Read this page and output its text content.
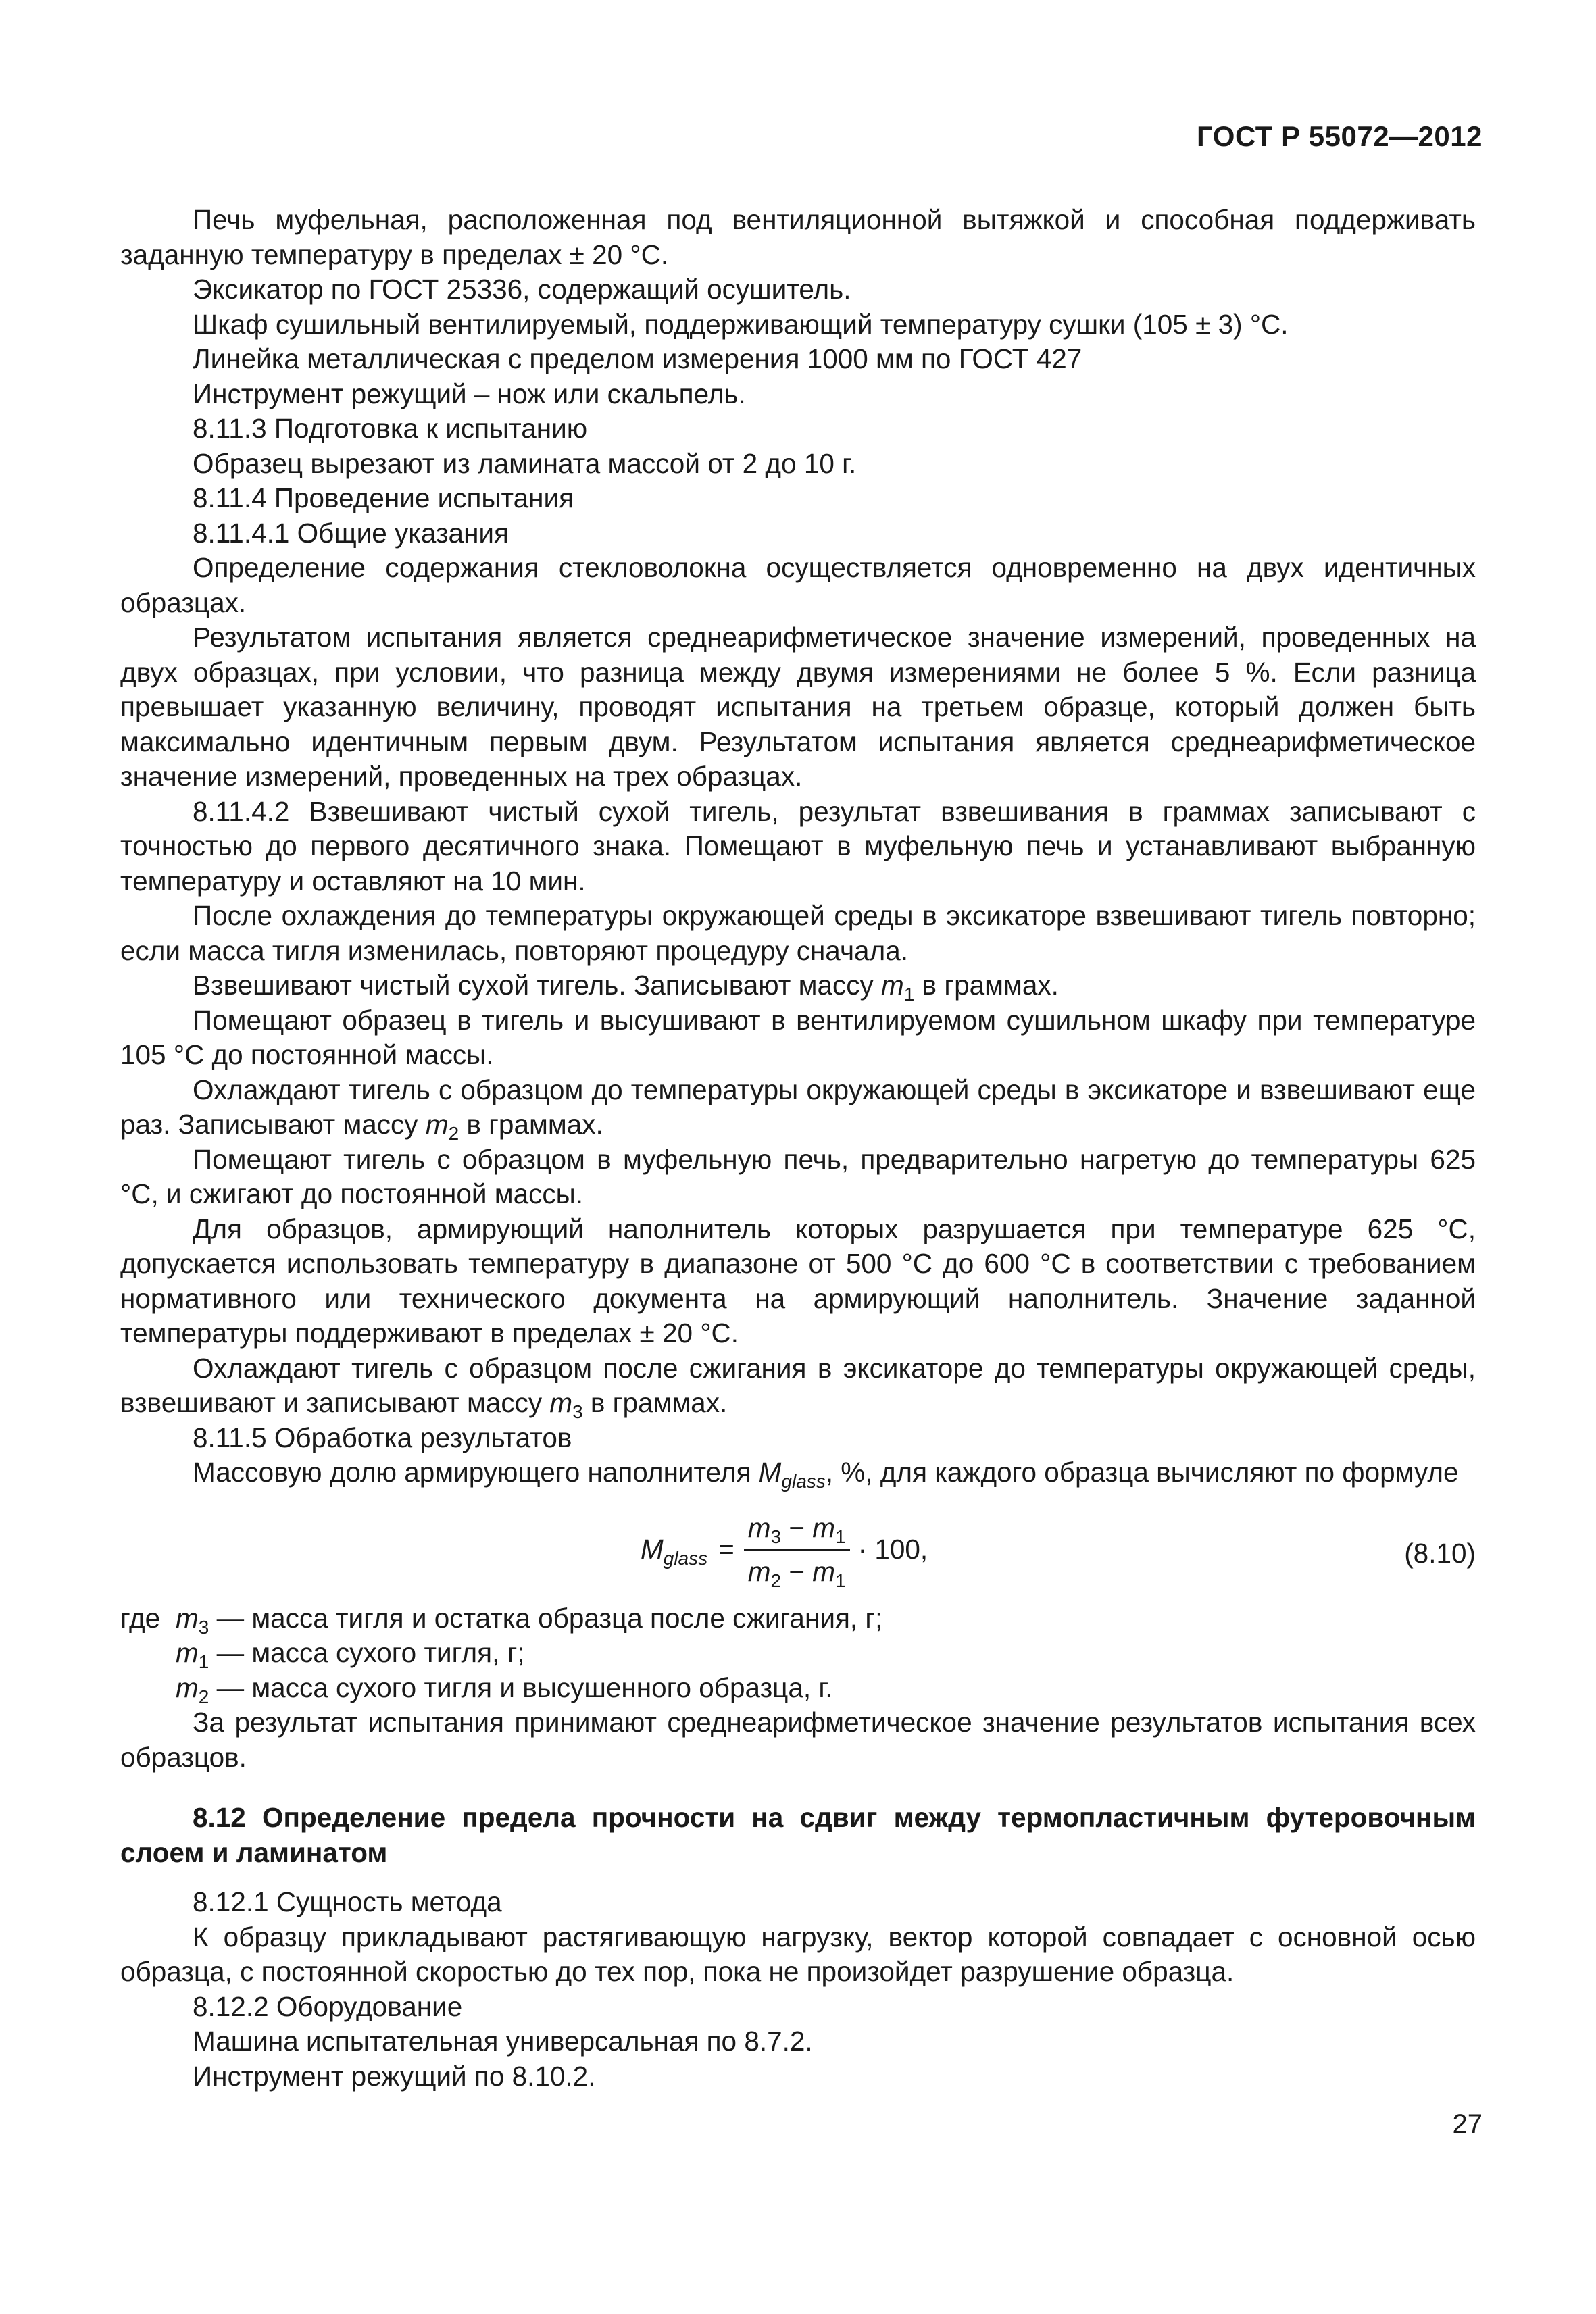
ГОСТ Р 55072—2012

Печь муфельная, расположенная под вентиляционной вытяжкой и способная поддерживать заданную температуру в пределах ± 20 °С.

Эксикатор по ГОСТ 25336, содержащий осушитель.

Шкаф сушильный вентилируемый, поддерживающий температуру сушки (105 ± 3) °С.

Линейка металлическая с пределом измерения 1000 мм по ГОСТ 427

Инструмент режущий – нож или скальпель.

8.11.3 Подготовка к испытанию

Образец вырезают из ламината массой от 2 до 10 г.

8.11.4 Проведение испытания

8.11.4.1 Общие указания

Определение содержания стекловолокна осуществляется одновременно на двух идентичных образцах.

Результатом испытания является среднеарифметическое значение измерений, проведенных на двух образцах, при условии, что разница между двумя измерениями не более 5 %. Если разница превышает указанную величину, проводят испытания на третьем образце, который должен быть максимально идентичным первым двум. Результатом испытания является среднеарифметическое значение измерений, проведенных на трех образцах.

8.11.4.2 Взвешивают чистый сухой тигель, результат взвешивания в граммах записывают с точностью до первого десятичного знака. Помещают в муфельную печь и устанавливают выбранную температуру и оставляют на 10 мин.

После охлаждения до температуры окружающей среды в эксикаторе взвешивают тигель повторно; если масса тигля изменилась, повторяют процедуру сначала.

Взвешивают чистый сухой тигель. Записывают массу $m_1$ в граммах.

Помещают образец в тигель и высушивают в вентилируемом сушильном шкафу при температуре 105 °С до постоянной массы.

Охлаждают тигель с образцом до температуры окружающей среды в эксикаторе и взвешивают еще раз. Записывают массу $m_2$ в граммах.

Помещают тигель с образцом в муфельную печь, предварительно нагретую до температуры 625 °С, и сжигают до постоянной массы.

Для образцов, армирующий наполнитель которых разрушается при температуре 625 °С, допускается использовать температуру в диапазоне от 500 °С до 600 °С в соответствии с требованием нормативного или технического документа на армирующий наполнитель. Значение заданной температуры поддерживают в пределах ± 20 °С.

Охлаждают тигель с образцом после сжигания в эксикаторе до температуры окружающей среды, взвешивают и записывают массу $m_3$ в граммах.

8.11.5 Обработка результатов

Массовую долю армирующего наполнителя $M_{glass}$, %, для каждого образца вычисляют по формуле

$M_{glass} = \frac{m_3 - m_1}{m_2 - m_1} \cdot 100$,	(8.10)

где $m_3$ — масса тигля и остатка образца после сжигания, г;

$m_1$ — масса сухого тигля, г;

$m_2$ — масса сухого тигля и высушенного образца, г.

За результат испытания принимают среднеарифметическое значение результатов испытания всех образцов.

8.12 Определение предела прочности на сдвиг между термопластичным футеровочным слоем и ламинатом

8.12.1 Сущность метода

К образцу прикладывают растягивающую нагрузку, вектор которой совпадает с основной осью образца, с постоянной скоростью до тех пор, пока не произойдет разрушение образца.

8.12.2 Оборудование

Машина испытательная универсальная по 8.7.2.

Инструмент режущий по 8.10.2.

27
